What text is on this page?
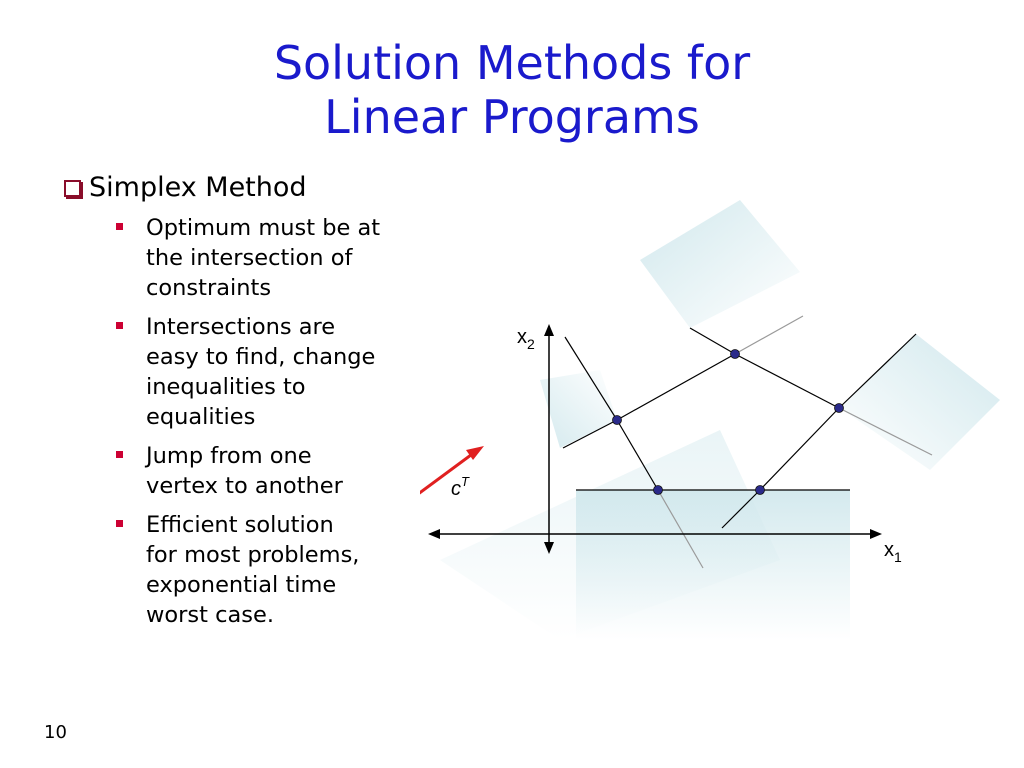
Solution Methods for
Linear Programs
Simplex Method
Optimum must be at
the intersection of
constraints
Intersections are
easy to find, change
inequalities to
equalities
Jump from one
vertex to another
Efficient solution
for most problems,
exponential time
worst case.
$x_2$
$x_1$
$c^T$
10
